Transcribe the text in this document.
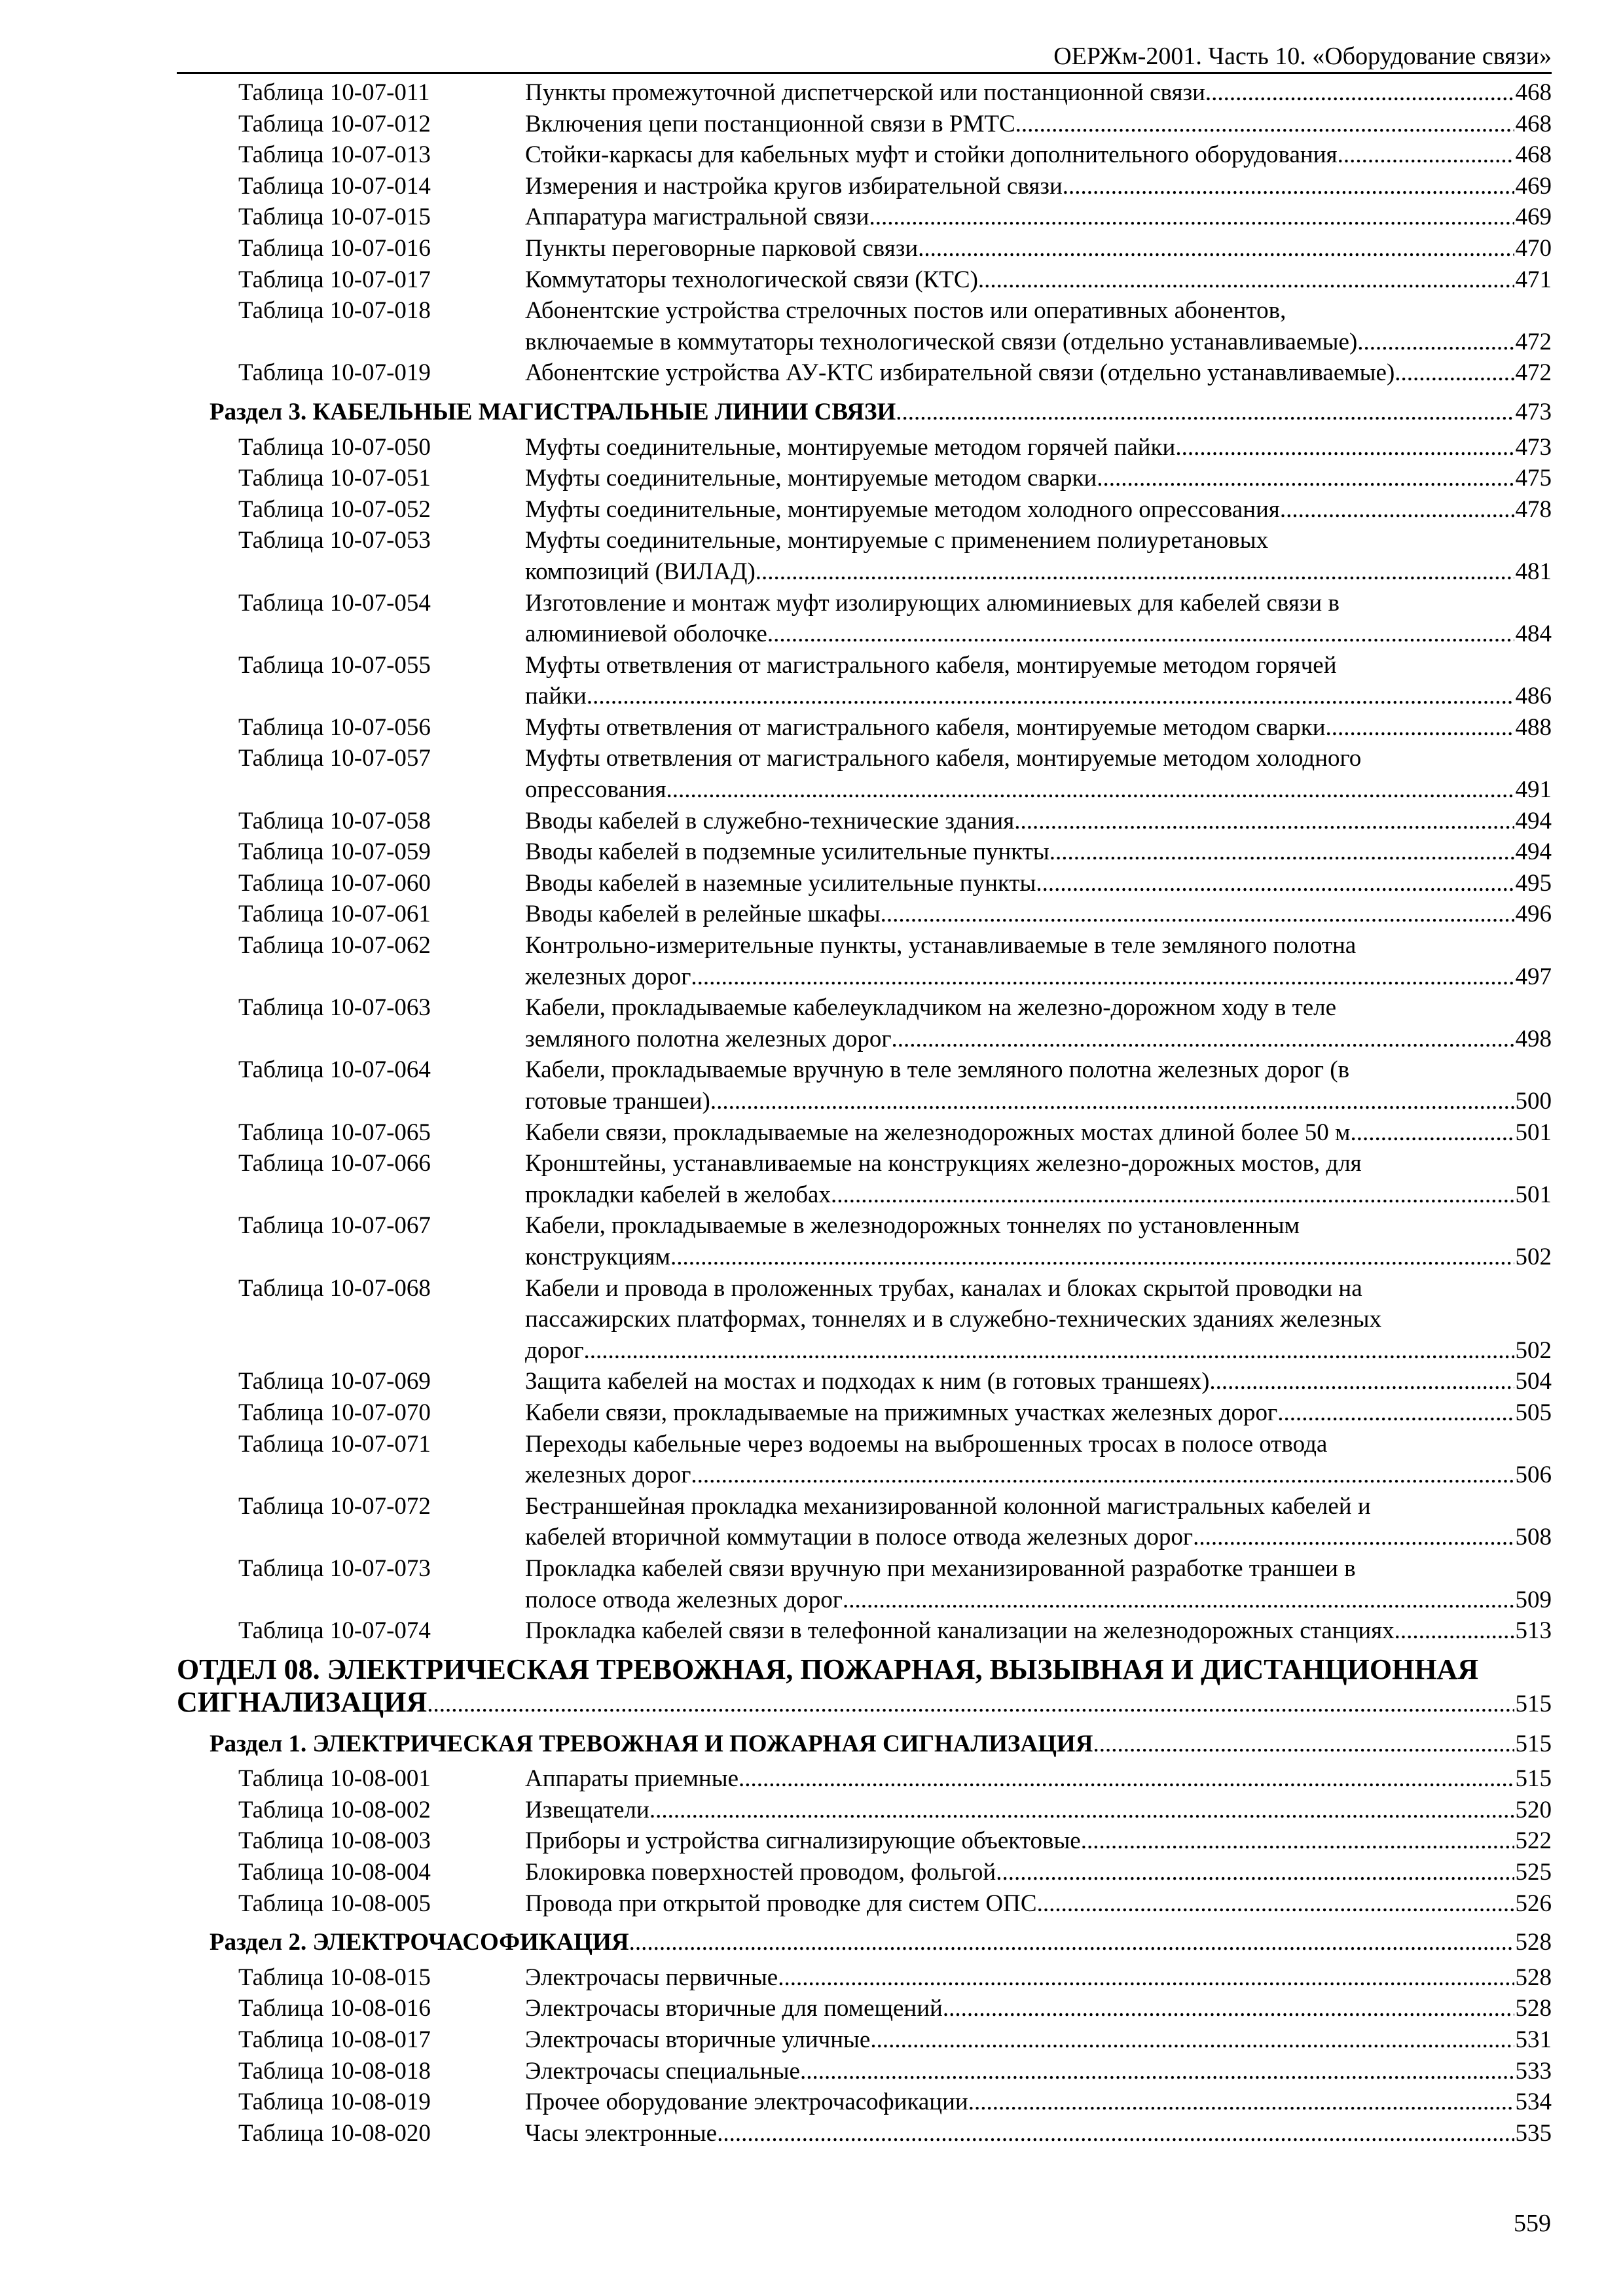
ОЕРЖм-2001. Часть 10. «Оборудование связи»
Таблица 10-07-011	Пункты промежуточной диспетчерской или постанционной связи .....	468
Таблица 10-07-012	Включения цепи постанционной связи в РМТС .....	468
Таблица 10-07-013	Стойки-каркасы для кабельных муфт и стойки дополнительного оборудования .....	468
Таблица 10-07-014	Измерения и настройка кругов избирательной связи .....	469
Таблица 10-07-015	Аппаратура магистральной связи .....	469
Таблица 10-07-016	Пункты переговорные парковой связи .....	470
Таблица 10-07-017	Коммутаторы технологической связи (КТС) .....	471
Таблица 10-07-018	Абонентские устройства стрелочных постов или оперативных абонентов,
включаемые в коммутаторы технологической связи (отдельно устанавливаемые) .....	472
Таблица 10-07-019	Абонентские устройства АУ-КТС избирательной связи (отдельно устанавливаемые) .....	472
Раздел 3. КАБЕЛЬНЫЕ МАГИСТРАЛЬНЫЕ ЛИНИИ СВЯЗИ .....	473
Таблица 10-07-050	Муфты соединительные, монтируемые методом горячей пайки .....	473
Таблица 10-07-051	Муфты соединительные, монтируемые методом сварки .....	475
Таблица 10-07-052	Муфты соединительные, монтируемые методом холодного опрессования .....	478
Таблица 10-07-053	Муфты соединительные, монтируемые с применением полиуретановых
композиций (ВИЛАД) .....	481
Таблица 10-07-054	Изготовление и монтаж муфт изолирующих алюминиевых для кабелей связи в
алюминиевой оболочке .....	484
Таблица 10-07-055	Муфты ответвления от магистрального кабеля, монтируемые методом горячей
пайки .....	486
Таблица 10-07-056	Муфты ответвления от магистрального кабеля, монтируемые методом сварки .....	488
Таблица 10-07-057	Муфты ответвления от магистрального кабеля, монтируемые методом холодного
опрессования .....	491
Таблица 10-07-058	Вводы кабелей в служебно-технические здания .....	494
Таблица 10-07-059	Вводы кабелей в подземные усилительные пункты .....	494
Таблица 10-07-060	Вводы кабелей в наземные усилительные пункты .....	495
Таблица 10-07-061	Вводы кабелей в релейные шкафы .....	496
Таблица 10-07-062	Контрольно-измерительные пункты, устанавливаемые в теле земляного полотна
железных дорог .....	497
Таблица 10-07-063	Кабели, прокладываемые кабелеукладчиком на железно-дорожном ходу в теле
земляного полотна железных дорог .....	498
Таблица 10-07-064	Кабели, прокладываемые вручную в теле земляного полотна железных дорог (в
готовые траншеи) .....	500
Таблица 10-07-065	Кабели связи, прокладываемые на железнодорожных мостах длиной более 50 м .....	501
Таблица 10-07-066	Кронштейны, устанавливаемые на конструкциях железно-дорожных мостов, для
прокладки кабелей в желобах .....	501
Таблица 10-07-067	Кабели, прокладываемые в железнодорожных тоннелях по установленным
конструкциям .....	502
Таблица 10-07-068	Кабели и провода в проложенных трубах, каналах и блоках скрытой проводки на
пассажирских платформах, тоннелях и в служебно-технических зданиях железных
дорог .....	502
Таблица 10-07-069	Защита кабелей на мостах и подходах к ним (в готовых траншеях) .....	504
Таблица 10-07-070	Кабели связи, прокладываемые на прижимных участках железных дорог .....	505
Таблица 10-07-071	Переходы кабельные через водоемы на выброшенных тросах в полосе отвода
железных дорог .....	506
Таблица 10-07-072	Бестраншейная прокладка механизированной колонной магистральных кабелей и
кабелей вторичной коммутации в полосе отвода железных дорог .....	508
Таблица 10-07-073	Прокладка кабелей связи вручную при механизированной разработке траншеи в
полосе отвода железных дорог .....	509
Таблица 10-07-074	Прокладка кабелей связи в телефонной канализации на железнодорожных станциях .....	513
ОТДЕЛ 08. ЭЛЕКТРИЧЕСКАЯ ТРЕВОЖНАЯ, ПОЖАРНАЯ, ВЫЗЫВНАЯ И ДИСТАНЦИОННАЯ
СИГНАЛИЗАЦИЯ .....	515
Раздел 1. ЭЛЕКТРИЧЕСКАЯ ТРЕВОЖНАЯ И ПОЖАРНАЯ СИГНАЛИЗАЦИЯ .....	515
Таблица 10-08-001	Аппараты приемные .....	515
Таблица 10-08-002	Извещатели .....	520
Таблица 10-08-003	Приборы и устройства сигнализирующие объектовые .....	522
Таблица 10-08-004	Блокировка поверхностей проводом, фольгой .....	525
Таблица 10-08-005	Провода при открытой проводке для систем ОПС .....	526
Раздел 2. ЭЛЕКТРОЧАСОФИКАЦИЯ .....	528
Таблица 10-08-015	Электрочасы первичные .....	528
Таблица 10-08-016	Электрочасы вторичные для помещений .....	528
Таблица 10-08-017	Электрочасы вторичные уличные .....	531
Таблица 10-08-018	Электрочасы специальные .....	533
Таблица 10-08-019	Прочее оборудование электрочасофикации .....	534
Таблица 10-08-020	Часы электронные .....	535
559
